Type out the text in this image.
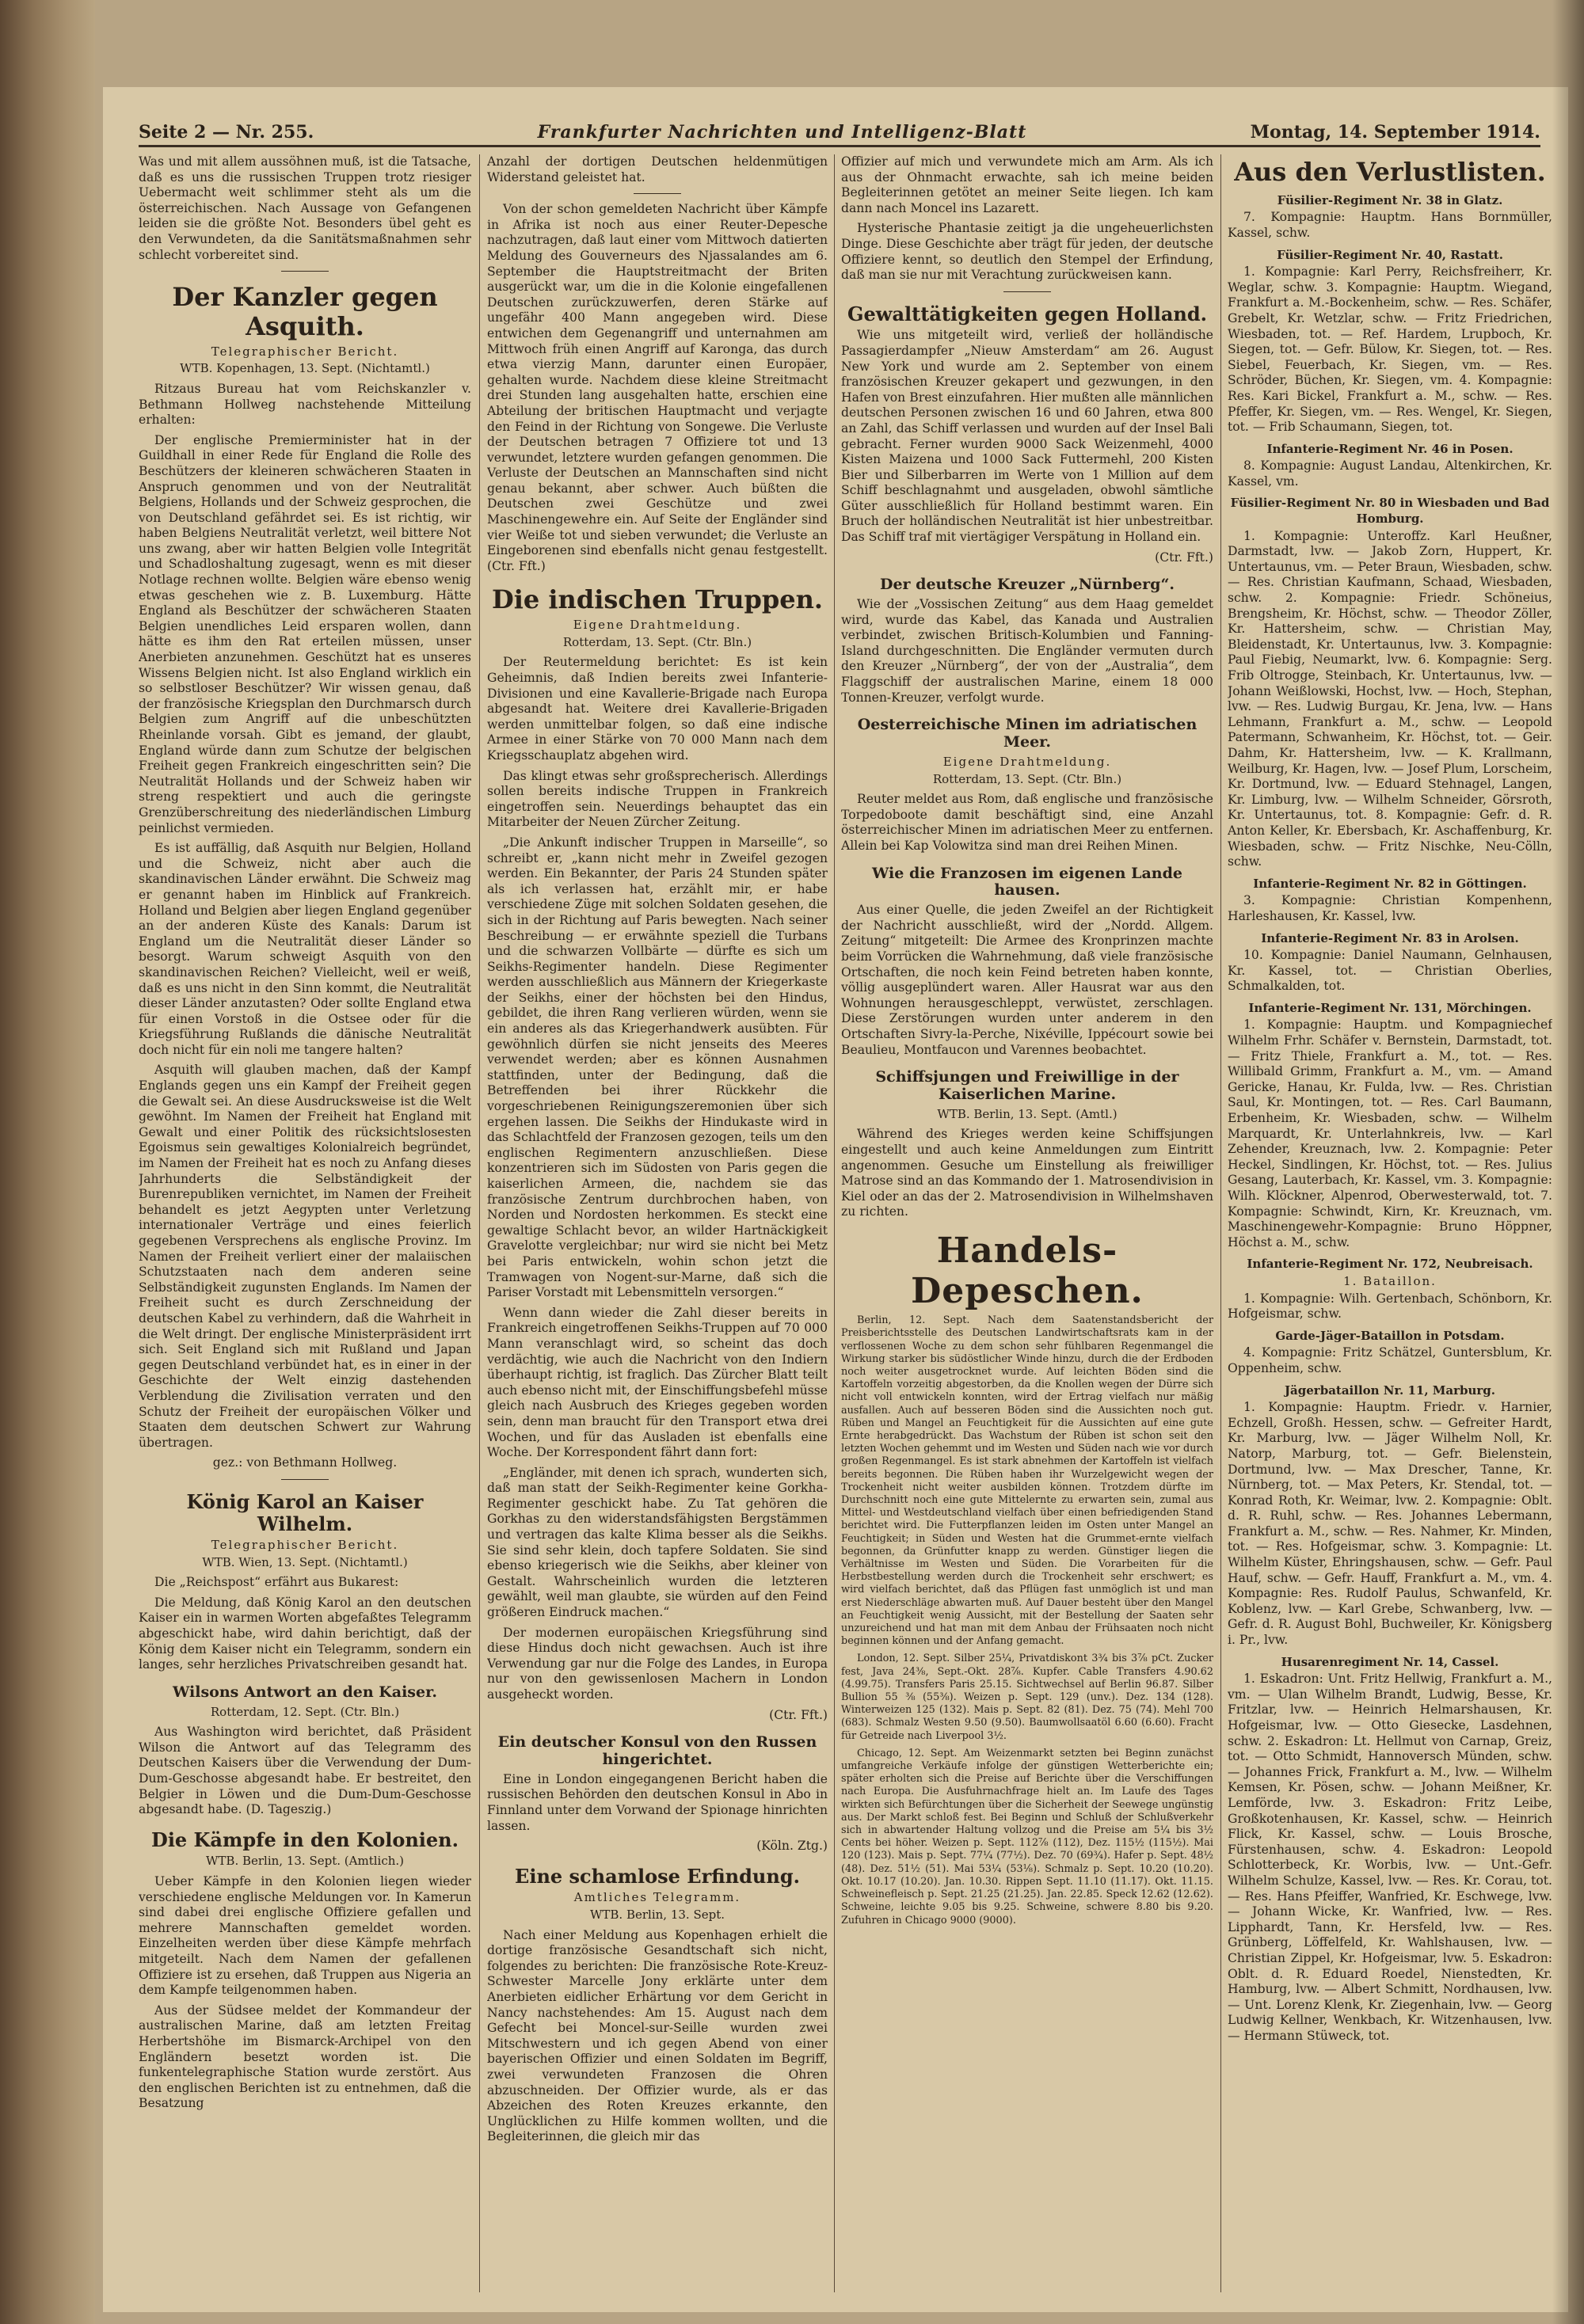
Seite 2 — Nr. 255.	Frankfurter Nachrichten und Intelligenz-Blatt	Montag, 14. September 1914.

Was und mit allem aussöhnen muß, ist die Tatsache, daß es uns die russischen Truppen trotz riesiger Uebermacht weit schlimmer steht als um die österreichischen. Nach Aussage von Gefangenen leiden sie die größte Not. Besonders übel geht es den Verwundeten, da die Sanitätsmaßnahmen sehr schlecht vorbereitet sind.

Der Kanzler gegen Asquith.
Telegraphischer Bericht.
WTB. Kopenhagen, 13. Sept. (Nichtamtl.)

Ritzaus Bureau hat vom Reichskanzler v. Bethmann Hollweg nachstehende Mitteilung erhalten:

Der englische Premierminister hat in der Guildhall in einer Rede für England die Rolle des Beschützers der kleineren schwächeren Staaten in Anspruch genommen und von der Neutralität Belgiens, Hollands und der Schweiz gesprochen, die von Deutschland gefährdet sei. Es ist richtig, wir haben Belgiens Neutralität verletzt, weil bittere Not uns zwang, aber wir hatten Belgien volle Integrität und Schadloshaltung zugesagt, wenn es mit dieser Notlage rechnen wollte. Belgien wäre ebenso wenig etwas geschehen wie z. B. Luxemburg. Hätte England als Beschützer der schwächeren Staaten Belgien unendliches Leid ersparen wollen, dann hätte es ihm den Rat erteilen müssen, unser Anerbieten anzunehmen. Geschützt hat es unseres Wissens Belgien nicht. Ist also England wirklich ein so selbstloser Beschützer? Wir wissen genau, daß der französische Kriegsplan den Durchmarsch durch Belgien zum Angriff auf die unbeschützten Rheinlande vorsah. Gibt es jemand, der glaubt, England würde dann zum Schutze der belgischen Freiheit gegen Frankreich eingeschritten sein? Die Neutralität Hollands und der Schweiz haben wir streng respektiert und auch die geringste Grenzüberschreitung des niederländischen Limburg peinlichst vermieden.

Es ist auffällig, daß Asquith nur Belgien, Holland und die Schweiz, nicht aber auch die skandinavischen Länder erwähnt. Die Schweiz mag er genannt haben im Hinblick auf Frankreich. Holland und Belgien aber liegen England gegenüber an der anderen Küste des Kanals: Darum ist England um die Neutralität dieser Länder so besorgt. Warum schweigt Asquith von den skandinavischen Reichen? Vielleicht, weil er weiß, daß es uns nicht in den Sinn kommt, die Neutralität dieser Länder anzutasten? Oder sollte England etwa für einen Vorstoß in die Ostsee oder für die Kriegsführung Rußlands die dänische Neutralität doch nicht für ein noli me tangere halten?

Asquith will glauben machen, daß der Kampf Englands gegen uns ein Kampf der Freiheit gegen die Gewalt sei. An diese Ausdrucksweise ist die Welt gewöhnt. Im Namen der Freiheit hat England mit Gewalt und einer Politik des rücksichtslosesten Egoismus sein gewaltiges Kolonialreich begründet, im Namen der Freiheit hat es noch zu Anfang dieses Jahrhunderts die Selbständigkeit der Burenrepubliken vernichtet, im Namen der Freiheit behandelt es jetzt Aegypten unter Verletzung internationaler Verträge und eines feierlich gegebenen Versprechens als englische Provinz. Im Namen der Freiheit verliert einer der malaiischen Schutzstaaten nach dem anderen seine Selbständigkeit zugunsten Englands. Im Namen der Freiheit sucht es durch Zerschneidung der deutschen Kabel zu verhindern, daß die Wahrheit in die Welt dringt. Der englische Ministerpräsident irrt sich. Seit England sich mit Rußland und Japan gegen Deutschland verbündet hat, es in einer in der Geschichte der Welt einzig dastehenden Verblendung die Zivilisation verraten und den Schutz der Freiheit der europäischen Völker und Staaten dem deutschen Schwert zur Wahrung übertragen.

gez.: von Bethmann Hollweg.

König Karol an Kaiser Wilhelm.
Telegraphischer Bericht.
WTB. Wien, 13. Sept. (Nichtamtl.)

Die „Reichspost“ erfährt aus Bukarest:

Die Meldung, daß König Karol an den deutschen Kaiser ein in warmen Worten abgefaßtes Telegramm abgeschickt habe, wird dahin berichtigt, daß der König dem Kaiser nicht ein Telegramm, sondern ein langes, sehr herzliches Privatschreiben gesandt hat.

Wilsons Antwort an den Kaiser.
Rotterdam, 12. Sept. (Ctr. Bln.)

Aus Washington wird berichtet, daß Präsident Wilson die Antwort auf das Telegramm des Deutschen Kaisers über die Verwendung der Dum-Dum-Geschosse abgesandt habe. Er bestreitet, den Belgier in Löwen und die Dum-Dum-Geschosse abgesandt habe. (D. Tageszig.)

Die Kämpfe in den Kolonien.
WTB. Berlin, 13. Sept. (Amtlich.)

Ueber Kämpfe in den Kolonien liegen wieder verschiedene englische Meldungen vor. In Kamerun sind dabei drei englische Offiziere gefallen und mehrere Mannschaften gemeldet worden. Einzelheiten werden über diese Kämpfe mehrfach mitgeteilt. Nach dem Namen der gefallenen Offiziere ist zu ersehen, daß Truppen aus Nigeria an dem Kampfe teilgenommen haben.

Aus der Südsee meldet der Kommandeur der australischen Marine, daß am letzten Freitag Herbertshöhe im Bismarck-Archipel von den Engländern besetzt worden ist. Die funkentelegraphische Station wurde zerstört. Aus den englischen Berichten ist zu entnehmen, daß die Besatzung

Anzahl der dortigen Deutschen heldenmütigen Widerstand geleistet hat.

Von der schon gemeldeten Nachricht über Kämpfe in Afrika ist noch aus einer Reuter-Depesche nachzutragen, daß laut einer vom Mittwoch datierten Meldung des Gouverneurs des Njassalandes am 6. September die Hauptstreitmacht der Briten ausgerückt war, um die in die Kolonie eingefallenen Deutschen zurückzuwerfen, deren Stärke auf ungefähr 400 Mann angegeben wird. Diese entwichen dem Gegenangriff und unternahmen am Mittwoch früh einen Angriff auf Karonga, das durch etwa vierzig Mann, darunter einen Europäer, gehalten wurde. Nachdem diese kleine Streitmacht drei Stunden lang ausgehalten hatte, erschien eine Abteilung der britischen Hauptmacht und verjagte den Feind in der Richtung von Songewe. Die Verluste der Deutschen betragen 7 Offiziere tot und 13 verwundet, letztere wurden gefangen genommen. Die Verluste der Deutschen an Mannschaften sind nicht genau bekannt, aber schwer. Auch büßten die Deutschen zwei Geschütze und zwei Maschinengewehre ein. Auf Seite der Engländer sind vier Weiße tot und sieben verwundet; die Verluste an Eingeborenen sind ebenfalls nicht genau festgestellt. (Ctr. Fft.)

Die indischen Truppen.
Eigene Drahtmeldung.
Rotterdam, 13. Sept. (Ctr. Bln.)

Der Reutermeldung berichtet: Es ist kein Geheimnis, daß Indien bereits zwei Infanterie-Divisionen und eine Kavallerie-Brigade nach Europa abgesandt hat. Weitere drei Kavallerie-Brigaden werden unmittelbar folgen, so daß eine indische Armee in einer Stärke von 70 000 Mann nach dem Kriegsschauplatz abgehen wird.

Das klingt etwas sehr großsprecherisch. Allerdings sollen bereits indische Truppen in Frankreich eingetroffen sein. Neuerdings behauptet das ein Mitarbeiter der Neuen Zürcher Zeitung.

„Die Ankunft indischer Truppen in Marseille“, so schreibt er, „kann nicht mehr in Zweifel gezogen werden. Ein Bekannter, der Paris 24 Stunden später als ich verlassen hat, erzählt mir, er habe verschiedene Züge mit solchen Soldaten gesehen, die sich in der Richtung auf Paris bewegten. Nach seiner Beschreibung — er erwähnte speziell die Turbans und die schwarzen Vollbärte — dürfte es sich um Seikhs-Regimenter handeln. Diese Regimenter werden ausschließlich aus Männern der Kriegerkaste der Seikhs, einer der höchsten bei den Hindus, gebildet, die ihren Rang verlieren würden, wenn sie ein anderes als das Kriegerhandwerk ausübten. Für gewöhnlich dürfen sie nicht jenseits des Meeres verwendet werden; aber es können Ausnahmen stattfinden, unter der Bedingung, daß die Betreffenden bei ihrer Rückkehr die vorgeschriebenen Reinigungszeremonien über sich ergehen lassen. Die Seikhs der Hindukaste wird in das Schlachtfeld der Franzosen gezogen, teils um den englischen Regimentern anzuschließen. Diese konzentrieren sich im Südosten von Paris gegen die kaiserlichen Armeen, die, nachdem sie das französische Zentrum durchbrochen haben, von Norden und Nordosten herkommen. Es steckt eine gewaltige Schlacht bevor, an wilder Hartnäckigkeit Gravelotte vergleichbar; nur wird sie nicht bei Metz bei Paris entwickeln, wohin schon jetzt die Tramwagen von Nogent-sur-Marne, daß sich die Pariser Vorstadt mit Lebensmitteln versorgen.“

Wenn dann wieder die Zahl dieser bereits in Frankreich eingetroffenen Seikhs-Truppen auf 70 000 Mann veranschlagt wird, so scheint das doch verdächtig, wie auch die Nachricht von den Indiern überhaupt richtig, ist fraglich. Das Zürcher Blatt teilt auch ebenso nicht mit, der Einschiffungsbefehl müsse gleich nach Ausbruch des Krieges gegeben worden sein, denn man braucht für den Transport etwa drei Wochen, und für das Ausladen ist ebenfalls eine Woche. Der Korrespondent fährt dann fort:

„Engländer, mit denen ich sprach, wunderten sich, daß man statt der Seikh-Regimenter keine Gorkha-Regimenter geschickt habe. Zu Tat gehören die Gorkhas zu den widerstandsfähigsten Bergstämmen und vertragen das kalte Klima besser als die Seikhs. Sie sind sehr klein, doch tapfere Soldaten. Sie sind ebenso kriegerisch wie die Seikhs, aber kleiner von Gestalt. Wahrscheinlich wurden die letzteren gewählt, weil man glaubte, sie würden auf den Feind größeren Eindruck machen.“

Der modernen europäischen Kriegsführung sind diese Hindus doch nicht gewachsen. Auch ist ihre Verwendung gar nur die Folge des Landes, in Europa nur von den gewissenlosen Machern in London ausgeheckt worden.

(Ctr. Fft.)

Ein deutscher Konsul von den Russen hingerichtet.

Eine in London eingegangenen Bericht haben die russischen Behörden den deutschen Konsul in Abo in Finnland unter dem Vorwand der Spionage hinrichten lassen.

(Köln. Ztg.)

Eine schamlose Erfindung.
Amtliches Telegramm.
WTB. Berlin, 13. Sept.

Nach einer Meldung aus Kopenhagen erhielt die dortige französische Gesandtschaft sich nicht, folgendes zu berichten: Die französische Rote-Kreuz-Schwester Marcelle Jony erklärte unter dem Anerbieten eidlicher Erhärtung vor dem Gericht in Nancy nachstehendes: Am 15. August nach dem Gefecht bei Moncel-sur-Seille wurden zwei Mitschwestern und ich gegen Abend von einer bayerischen Offizier und einen Soldaten im Begriff, zwei verwundeten Franzosen die Ohren abzuschneiden. Der Offizier wurde, als er das Abzeichen des Roten Kreuzes erkannte, den Unglücklichen zu Hilfe kommen wollten, und die Begleiterinnen, die gleich mir das

Offizier auf mich und verwundete mich am Arm. Als ich aus der Ohnmacht erwachte, sah ich meine beiden Begleiterinnen getötet an meiner Seite liegen. Ich kam dann nach Moncel ins Lazarett.

Hysterische Phantasie zeitigt ja die ungeheuerlichsten Dinge. Diese Geschichte aber trägt für jeden, der deutsche Offiziere kennt, so deutlich den Stempel der Erfindung, daß man sie nur mit Verachtung zurückweisen kann.

Gewalttätigkeiten gegen Holland.

Wie uns mitgeteilt wird, verließ der holländische Passagierdampfer „Nieuw Amsterdam“ am 26. August New York und wurde am 2. September von einem französischen Kreuzer gekapert und gezwungen, in den Hafen von Brest einzufahren. Hier mußten alle männlichen deutschen Personen zwischen 16 und 60 Jahren, etwa 800 an Zahl, das Schiff verlassen und wurden auf der Insel Bali gebracht. Ferner wurden 9000 Sack Weizenmehl, 4000 Kisten Maizena und 1000 Sack Futtermehl, 200 Kisten Bier und Silberbarren im Werte von 1 Million auf dem Schiff beschlagnahmt und ausgeladen, obwohl sämtliche Güter ausschließlich für Holland bestimmt waren. Ein Bruch der holländischen Neutralität ist hier unbestreitbar. Das Schiff traf mit viertägiger Verspätung in Holland ein.

(Ctr. Fft.)

Der deutsche Kreuzer „Nürnberg“.

Wie der „Vossischen Zeitung“ aus dem Haag gemeldet wird, wurde das Kabel, das Kanada und Australien verbindet, zwischen Britisch-Kolumbien und Fanning-Island durchgeschnitten. Die Engländer vermuten durch den Kreuzer „Nürnberg“, der von der „Australia“, dem Flaggschiff der australischen Marine, einem 18 000 Tonnen-Kreuzer, verfolgt wurde.

Oesterreichische Minen im adriatischen Meer.
Eigene Drahtmeldung.
Rotterdam, 13. Sept. (Ctr. Bln.)

Reuter meldet aus Rom, daß englische und französische Torpedoboote damit beschäftigt sind, eine Anzahl österreichischer Minen im adriatischen Meer zu entfernen. Allein bei Kap Volowitza sind man drei Reihen Minen.

Wie die Franzosen im eigenen Lande hausen.

Aus einer Quelle, die jeden Zweifel an der Richtigkeit der Nachricht ausschließt, wird der „Nordd. Allgem. Zeitung“ mitgeteilt: Die Armee des Kronprinzen machte beim Vorrücken die Wahrnehmung, daß viele französische Ortschaften, die noch kein Feind betreten haben konnte, völlig ausgeplündert waren. Aller Hausrat war aus den Wohnungen herausgeschleppt, verwüstet, zerschlagen. Diese Zerstörungen wurden unter anderem in den Ortschaften Sivry-la-Perche, Nixéville, Ippécourt sowie bei Beaulieu, Montfaucon und Varennes beobachtet.

Schiffsjungen und Freiwillige in der Kaiserlichen Marine.
WTB. Berlin, 13. Sept. (Amtl.)

Während des Krieges werden keine Schiffsjungen eingestellt und auch keine Anmeldungen zum Eintritt angenommen. Gesuche um Einstellung als freiwilliger Matrose sind an das Kommando der 1. Matrosendivision in Kiel oder an das der 2. Matrosendivision in Wilhelmshaven zu richten.

Handels-Depeschen.

Berlin, 12. Sept. Nach dem Saatenstandsbericht der Preisberichtsstelle des Deutschen Landwirtschaftsrats kam in der verflossenen Woche zu dem schon sehr fühlbaren Regenmangel die Wirkung starker bis südöstlicher Winde hinzu, durch die der Erdboden noch weiter ausgetrocknet wurde. Auf leichten Böden sind die Kartoffeln vorzeitig abgestorben, da die Knollen wegen der Dürre sich nicht voll entwickeln konnten, wird der Ertrag vielfach nur mäßig ausfallen. Auch auf besseren Böden sind die Aussichten noch gut. Rüben und Mangel an Feuchtigkeit für die Aussichten auf eine gute Ernte herabgedrückt. Das Wachstum der Rüben ist schon seit den letzten Wochen gehemmt und im Westen und Süden nach wie vor durch großen Regenmangel. Es ist stark abnehmen der Kartoffeln ist vielfach bereits begonnen. Die Rüben haben ihr Wurzelgewicht wegen der Trockenheit nicht weiter ausbilden können. Trotzdem dürfte im Durchschnitt noch eine gute Mittelernte zu erwarten sein, zumal aus Mittel- und Westdeutschland vielfach über einen befriedigenden Stand berichtet wird. Die Futterpflanzen leiden im Osten unter Mangel an Feuchtigkeit; in Süden und Westen hat die Grummet-ernte vielfach begonnen, da Grünfutter knapp zu werden. Günstiger liegen die Verhältnisse im Westen und Süden. Die Vorarbeiten für die Herbstbestellung werden durch die Trockenheit sehr erschwert; es wird vielfach berichtet, daß das Pflügen fast unmöglich ist und man erst Niederschläge abwarten muß. Auf Dauer besteht über den Mangel an Feuchtigkeit wenig Aussicht, mit der Bestellung der Saaten sehr unzureichend und hat man mit dem Anbau der Frühsaaten noch nicht beginnen können und der Anfang gemacht.

London, 12. Sept. Silber 25¼, Privatdiskont 3¾ bis 3⅞ pCt. Zucker fest, Java 24⅜, Sept.-Okt. 28⅞. Kupfer. Cable Transfers 4.90.62 (4.99.75). Transfers Paris 25.15. Sichtwechsel auf Berlin 96.87. Silber Bullion 55 ⅜ (55⅜). Weizen p. Sept. 129 (unv.). Dez. 134 (128). Winterweizen 125 (132). Mais p. Sept. 82 (81). Dez. 75 (74). Mehl 700 (683). Schmalz Westen 9.50 (9.50). Baumwollsaatöl 6.60 (6.60). Fracht für Getreide nach Liverpool 3½.

Chicago, 12. Sept. Am Weizenmarkt setzten bei Beginn zunächst umfangreiche Verkäufe infolge der günstigen Wetterberichte ein; später erholten sich die Preise auf Berichte über die Verschiffungen nach Europa. Die Ausfuhrnachfrage hielt an. Im Laufe des Tages wirkten sich Befürchtungen über die Sicherheit der Seewege ungünstig aus. Der Markt schloß fest. Bei Beginn und Schluß der Schlußverkehr sich in abwartender Haltung vollzog und die Preise am 5¼ bis 3½ Cents bei höher. Weizen p. Sept. 112⅞ (112), Dez. 115½ (115½). Mai 120 (123). Mais p. Sept. 77¼ (77½). Dez. 70 (69¾). Hafer p. Sept. 48½ (48). Dez. 51½ (51). Mai 53¼ (53⅛). Schmalz p. Sept. 10.20 (10.20). Okt. 10.17 (10.20). Jan. 10.30. Rippen Sept. 11.10 (11.17). Okt. 11.15. Schweinefleisch p. Sept. 21.25 (21.25). Jan. 22.85. Speck 12.62 (12.62). Schweine, leichte 9.05 bis 9.25. Schweine, schwere 8.80 bis 9.20. Zufuhren in Chicago 9000 (9000).

Aus den Verlustlisten.
Füsilier-Regiment Nr. 38 in Glatz.

7. Kompagnie: Hauptm. Hans Bornmüller, Kassel, schw.

Füsilier-Regiment Nr. 40, Rastatt.

1. Kompagnie: Karl Perry, Reichsfreiherr, Kr. Weglar, schw. 3. Kompagnie: Hauptm. Wiegand, Frankfurt a. M.-Bockenheim, schw. — Res. Schäfer, Grebelt, Kr. Wetzlar, schw. — Fritz Friedrichen, Wiesbaden, tot. — Ref. Hardem, Lrupboch, Kr. Siegen, tot. — Gefr. Bülow, Kr. Siegen, tot. — Res. Siebel, Feuerbach, Kr. Siegen, vm. — Res. Schröder, Büchen, Kr. Siegen, vm. 4. Kompagnie: Res. Kari Bickel, Frankfurt a. M., schw. — Res. Pfeffer, Kr. Siegen, vm. — Res. Wengel, Kr. Siegen, tot. — Frib Schaumann, Siegen, tot.

Infanterie-Regiment Nr. 46 in Posen.

8. Kompagnie: August Landau, Altenkirchen, Kr. Kassel, vm.

Füsilier-Regiment Nr. 80 in Wiesbaden und Bad Homburg.

1. Kompagnie: Unteroffz. Karl Heußner, Darmstadt, lvw. — Jakob Zorn, Huppert, Kr. Untertaunus, vm. — Peter Braun, Wiesbaden, schw. — Res. Christian Kaufmann, Schaad, Wiesbaden, schw. 2. Kompagnie: Friedr. Schöneius, Brengsheim, Kr. Höchst, schw. — Theodor Zöller, Kr. Hattersheim, schw. — Christian May, Bleidenstadt, Kr. Untertaunus, lvw. 3. Kompagnie: Paul Fiebig, Neumarkt, lvw. 6. Kompagnie: Serg. Frib Oltrogge, Steinbach, Kr. Untertaunus, lvw. — Johann Weißlowski, Hochst, lvw. — Hoch, Stephan, lvw. — Res. Ludwig Burgau, Kr. Jena, lvw. — Hans Lehmann, Frankfurt a. M., schw. — Leopold Patermann, Schwanheim, Kr. Höchst, tot. — Geir. Dahm, Kr. Hattersheim, lvw. — K. Krallmann, Weilburg, Kr. Hagen, lvw. — Josef Plum, Lorscheim, Kr. Dortmund, lvw. — Eduard Stehnagel, Langen, Kr. Limburg, lvw. — Wilhelm Schneider, Görsroth, Kr. Untertaunus, tot. 8. Kompagnie: Gefr. d. R. Anton Keller, Kr. Ebersbach, Kr. Aschaffenburg, Kr. Wiesbaden, schw. — Fritz Nischke, Neu-Cölln, schw.

Infanterie-Regiment Nr. 82 in Göttingen.

3. Kompagnie: Christian Kompenhenn, Harleshausen, Kr. Kassel, lvw.

Infanterie-Regiment Nr. 83 in Arolsen.

10. Kompagnie: Daniel Naumann, Gelnhausen, Kr. Kassel, tot. — Christian Oberlies, Schmalkalden, tot.

Infanterie-Regiment Nr. 131, Mörchingen.

1. Kompagnie: Hauptm. und Kompagniechef Wilhelm Frhr. Schäfer v. Bernstein, Darmstadt, tot. — Fritz Thiele, Frankfurt a. M., tot. — Res. Willibald Grimm, Frankfurt a. M., vm. — Amand Gericke, Hanau, Kr. Fulda, lvw. — Res. Christian Saul, Kr. Montingen, tot. — Res. Carl Baumann, Erbenheim, Kr. Wiesbaden, schw. — Wilhelm Marquardt, Kr. Unterlahnkreis, lvw. — Karl Zehender, Kreuznach, lvw. 2. Kompagnie: Peter Heckel, Sindlingen, Kr. Höchst, tot. — Res. Julius Gesang, Lauterbach, Kr. Kassel, vm. 3. Kompagnie: Wilh. Klöckner, Alpenrod, Oberwesterwald, tot. 7. Kompagnie: Schwindt, Kirn, Kr. Kreuznach, vm. Maschinengewehr-Kompagnie: Bruno Höppner, Höchst a. M., schw.

Infanterie-Regiment Nr. 172, Neubreisach.
1. Bataillon.

1. Kompagnie: Wilh. Gertenbach, Schönborn, Kr. Hofgeismar, schw.

Garde-Jäger-Bataillon in Potsdam.

4. Kompagnie: Fritz Schätzel, Guntersblum, Kr. Oppenheim, schw.

Jägerbataillon Nr. 11, Marburg.

1. Kompagnie: Hauptm. Friedr. v. Harnier, Echzell, Großh. Hessen, schw. — Gefreiter Hardt, Kr. Marburg, lvw. — Jäger Wilhelm Noll, Kr. Natorp, Marburg, tot. — Gefr. Bielenstein, Dortmund, lvw. — Max Drescher, Tanne, Kr. Nürnberg, tot. — Max Peters, Kr. Stendal, tot. — Konrad Roth, Kr. Weimar, lvw. 2. Kompagnie: Oblt. d. R. Ruhl, schw. — Res. Johannes Lebermann, Frankfurt a. M., schw. — Res. Nahmer, Kr. Minden, tot. — Res. Hofgeismar, schw. 3. Kompagnie: Lt. Wilhelm Küster, Ehringshausen, schw. — Gefr. Paul Hauf, schw. — Gefr. Hauff, Frankfurt a. M., vm. 4. Kompagnie: Res. Rudolf Paulus, Schwanfeld, Kr. Koblenz, lvw. — Karl Grebe, Schwanberg, lvw. — Gefr. d. R. August Bohl, Buchweiler, Kr. Königsberg i. Pr., lvw.

Husarenregiment Nr. 14, Cassel.

1. Eskadron: Unt. Fritz Hellwig, Frankfurt a. M., vm. — Ulan Wilhelm Brandt, Ludwig, Besse, Kr. Fritzlar, lvw. — Heinrich Helmarshausen, Kr. Hofgeismar, lvw. — Otto Giesecke, Lasdehnen, schw. 2. Eskadron: Lt. Hellmut von Carnap, Greiz, tot. — Otto Schmidt, Hannoversch Münden, schw. — Johannes Frick, Frankfurt a. M., lvw. — Wilhelm Kemsen, Kr. Pösen, schw. — Johann Meißner, Kr. Lemförde, lvw. 3. Eskadron: Fritz Leibe, Großkotenhausen, Kr. Kassel, schw. — Heinrich Flick, Kr. Kassel, schw. — Louis Brosche, Fürstenhausen, schw. 4. Eskadron: Leopold Schlotterbeck, Kr. Worbis, lvw. — Unt.-Gefr. Wilhelm Schulze, Kassel, lvw. — Res. Kr. Corau, tot. — Res. Hans Pfeiffer, Wanfried, Kr. Eschwege, lvw. — Johann Wicke, Kr. Wanfried, lvw. — Res. Lipphardt, Tann, Kr. Hersfeld, lvw. — Res. Grünberg, Löffelfeld, Kr. Wahlshausen, lvw. — Christian Zippel, Kr. Hofgeismar, lvw. 5. Eskadron: Oblt. d. R. Eduard Roedel, Nienstedten, Kr. Hamburg, lvw. — Albert Schmitt, Nordhausen, lvw. — Unt. Lorenz Klenk, Kr. Ziegenhain, lvw. — Georg Ludwig Kellner, Wenkbach, Kr. Witzenhausen, lvw. — Hermann Stüweck, tot.
